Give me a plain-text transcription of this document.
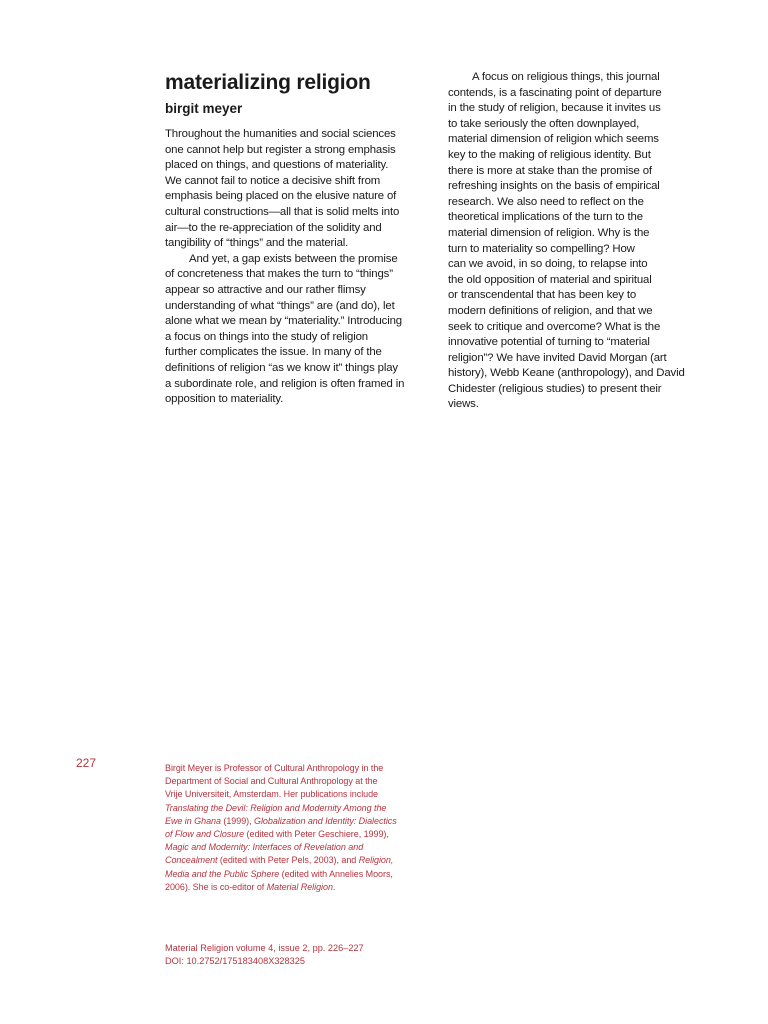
materializing religion
birgit meyer
Throughout the humanities and social sciences
one cannot help but register a strong emphasis
placed on things, and questions of materiality.
We cannot fail to notice a decisive shift from
emphasis being placed on the elusive nature of
cultural constructions—all that is solid melts into
air—to the re-appreciation of the solidity and
tangibility of “things” and the material.
And yet, a gap exists between the promise
of concreteness that makes the turn to “things”
appear so attractive and our rather flimsy
understanding of what “things” are (and do), let
alone what we mean by “materiality.” Introducing
a focus on things into the study of religion
further complicates the issue. In many of the
definitions of religion “as we know it” things play
a subordinate role, and religion is often framed in
opposition to materiality.
A focus on religious things, this journal
contends, is a fascinating point of departure
in the study of religion, because it invites us
to take seriously the often downplayed,
material dimension of religion which seems
key to the making of religious identity. But
there is more at stake than the promise of
refreshing insights on the basis of empirical
research. We also need to reflect on the
theoretical implications of the turn to the
material dimension of religion. Why is the
turn to materiality so compelling? How
can we avoid, in so doing, to relapse into
the old opposition of material and spiritual
or transcendental that has been key to
modern definitions of religion, and that we
seek to critique and overcome? What is the
innovative potential of turning to “material
religion”? We have invited David Morgan (art
history), Webb Keane (anthropology), and David
Chidester (religious studies) to present their
views.
227	Birgit Meyer is Professor of Cultural Anthropology in the
Department of Social and Cultural Anthropology at the
Vrije Universiteit, Amsterdam. Her publications include
Translating the Devil: Religion and Modernity Among the
Ewe in Ghana (1999), Globalization and Identity: Dialectics
of Flow and Closure (edited with Peter Geschiere, 1999),
Magic and Modernity: Interfaces of Revelation and
Concealment (edited with Peter Pels, 2003), and Religion,
Media and the Public Sphere (edited with Annelies Moors,
2006). She is co-editor of Material Religion.
Material Religion volume 4, issue 2, pp. 226–227
DOI: 10.2752/175183408X328325
